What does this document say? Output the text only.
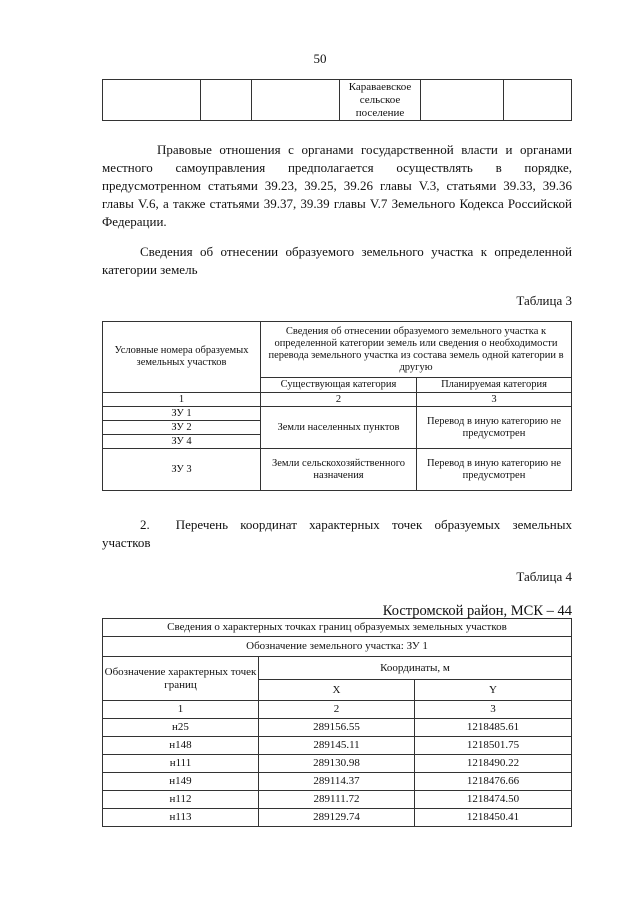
50
			Караваевское сельское поселение		
Правовые отношения с органами государственной власти и органами местного самоуправления предполагается осуществлять в порядке, предусмотренном статьями 39.23, 39.25, 39.26 главы V.3, статьями 39.33, 39.36 главы V.6, а также статьями 39.37, 39.39 главы V.7 Земельного Кодекса Российской Федерации.
Сведения об отнесении образуемого земельного участка к определенной категории земель
Таблица 3
Условные номера образуемых земельных участков	Сведения об отнесении образуемого земельного участка к определенной категории земель или сведения о необходимости перевода земельного участка из состава земель одной категории в другую	
	Существующая категория	Планируемая категория
1	2	3
ЗУ 1	Земли населенных пунктов	Перевод в иную категорию не предусмотрен
ЗУ 2		
ЗУ 4		
ЗУ 3	Земли сельскохозяйственного назначения	Перевод в иную категорию не предусмотрен
2.  Перечень координат характерных точек образуемых земельных участков
Таблица 4
Костромской район, МСК – 44
Сведения о характерных точках границ образуемых земельных участков		
Обозначение земельного участка: ЗУ 1		
Обозначение характерных точек границ	Координаты, м	
	X	Y
1	2	3
н25	289156.55	1218485.61
н148	289145.11	1218501.75
н111	289130.98	1218490.22
н149	289114.37	1218476.66
н112	289111.72	1218474.50
н113	289129.74	1218450.41
